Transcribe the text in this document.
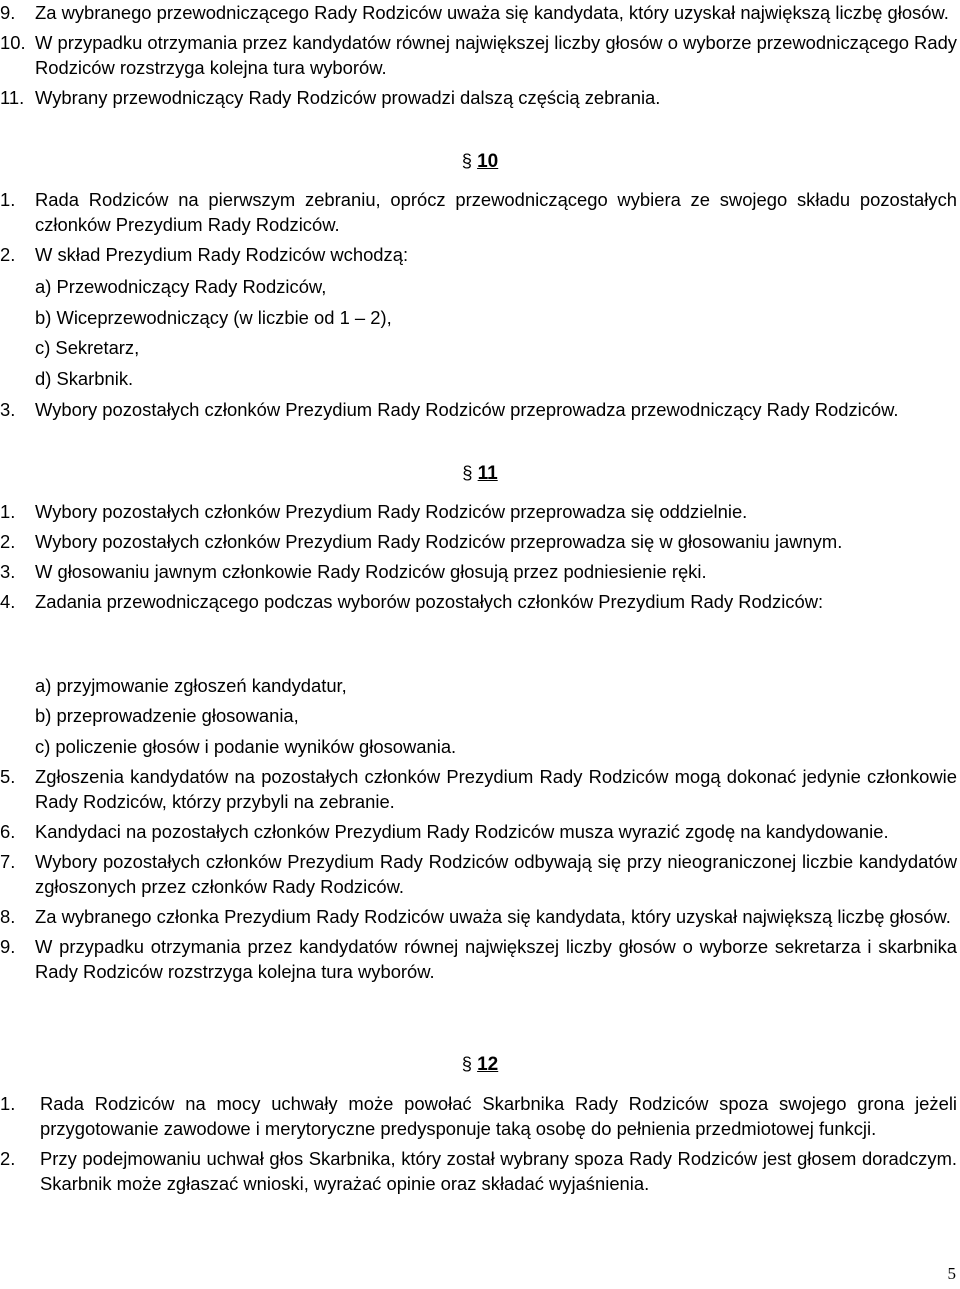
9. Za wybranego przewodniczącego Rady Rodziców uważa się kandydata, który uzyskał największą liczbę głosów.
10. W przypadku otrzymania przez kandydatów równej największej liczby głosów o wyborze przewodniczącego Rady Rodziców rozstrzyga kolejna tura wyborów.
11. Wybrany przewodniczący Rady Rodziców prowadzi dalszą częścią zebrania.
§ 10
1. Rada Rodziców na pierwszym zebraniu, oprócz przewodniczącego wybiera ze swojego składu pozostałych członków Prezydium Rady Rodziców.
2. W skład Prezydium Rady Rodziców wchodzą:
a) Przewodniczący Rady Rodziców,
b) Wiceprzewodniczący (w liczbie od 1 – 2),
c) Sekretarz,
d) Skarbnik.
3. Wybory pozostałych członków Prezydium Rady Rodziców przeprowadza przewodniczący Rady Rodziców.
§ 11
1. Wybory pozostałych członków Prezydium Rady Rodziców przeprowadza się oddzielnie.
2. Wybory pozostałych członków Prezydium Rady Rodziców przeprowadza się w głosowaniu jawnym.
3. W głosowaniu jawnym członkowie Rady Rodziców głosują przez podniesienie ręki.
4. Zadania przewodniczącego podczas wyborów pozostałych członków Prezydium Rady Rodziców:
a) przyjmowanie zgłoszeń kandydatur,
b) przeprowadzenie głosowania,
c) policzenie głosów i podanie wyników głosowania.
5. Zgłoszenia kandydatów na pozostałych członków Prezydium Rady Rodziców mogą dokonać jedynie członkowie Rady Rodziców, którzy przybyli na zebranie.
6. Kandydaci na pozostałych członków Prezydium Rady Rodziców musza wyrazić zgodę na kandydowanie.
7. Wybory pozostałych członków Prezydium Rady Rodziców odbywają się przy nieograniczonej liczbie kandydatów zgłoszonych przez członków Rady Rodziców.
8. Za wybranego członka Prezydium Rady Rodziców uważa się kandydata, który uzyskał największą liczbę głosów.
9. W przypadku otrzymania przez kandydatów równej największej liczby głosów o wyborze sekretarza i skarbnika Rady Rodziców rozstrzyga kolejna tura wyborów.
§ 12
1. Rada Rodziców na mocy uchwały może powołać Skarbnika Rady Rodziców spoza swojego grona jeżeli przygotowanie zawodowe i merytoryczne predysponuje taką osobę do pełnienia przedmiotowej funkcji.
2. Przy podejmowaniu uchwał głos Skarbnika, który został wybrany spoza Rady Rodziców jest głosem doradczym. Skarbnik może zgłaszać wnioski, wyrażać opinie oraz składać wyjaśnienia.
5
